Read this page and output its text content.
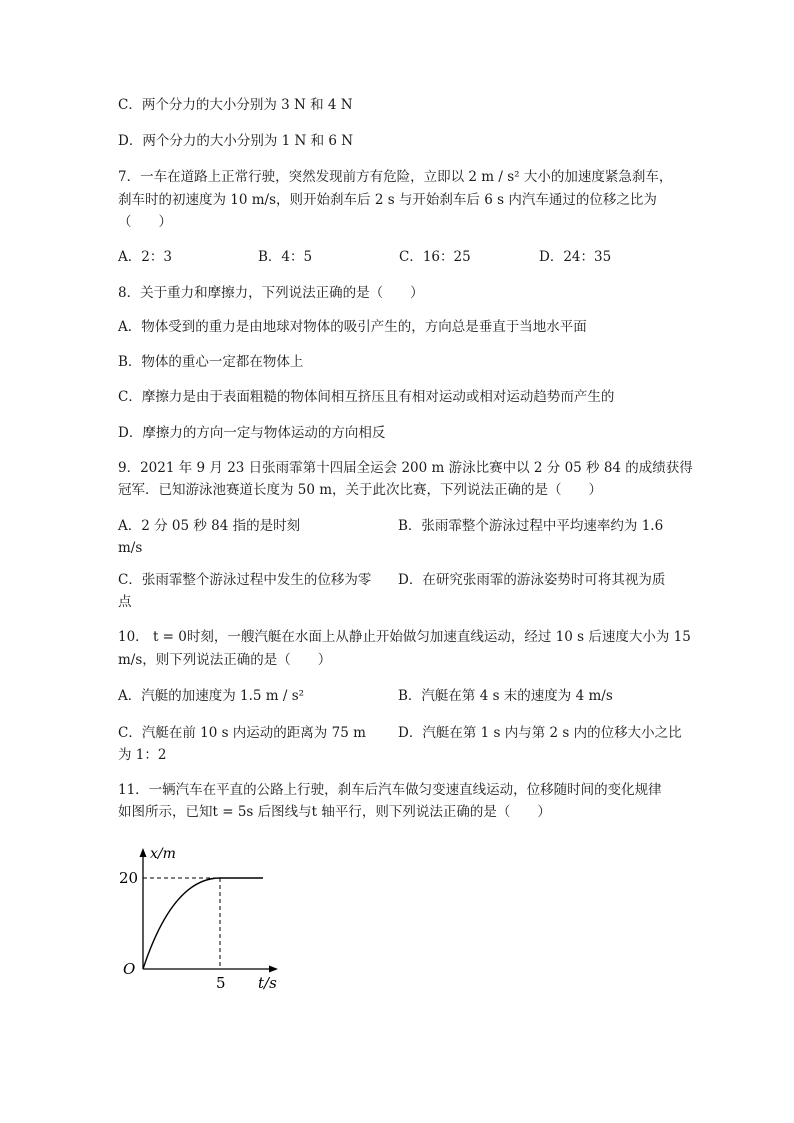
C．两个分力的大小分别为 3 N 和 4 N
D．两个分力的大小分别为 1 N 和 6 N
7．一车在道路上正常行驶，突然发现前方有危险，立即以 2 m / s² 大小的加速度紧急刹车，
刹车时的初速度为 10 m/s，则开始刹车后 2 s 与开始刹车后 6 s 内汽车通过的位移之比为
（　　）
A．2：3	B．4：5	C．16：25	D．24：35
8．关于重力和摩擦力，下列说法正确的是（　　）
A．物体受到的重力是由地球对物体的吸引产生的，方向总是垂直于当地水平面
B．物体的重心一定都在物体上
C．摩擦力是由于表面粗糙的物体间相互挤压且有相对运动或相对运动趋势而产生的
D．摩擦力的方向一定与物体运动的方向相反
9．2021 年 9 月 23 日张雨霏第十四届全运会 200 m 游泳比赛中以 2 分 05 秒 84 的成绩获得
冠军．已知游泳池赛道长度为 50 m，关于此次比赛，下列说法正确的是（　　）
A．2 分 05 秒 84 指的是时刻	B．张雨霏整个游泳过程中平均速率约为 1.6
m/s
C．张雨霏整个游泳过程中发生的位移为零 D．在研究张雨霏的游泳姿势时可将其视为质
点
10． t = 0时刻，一艘汽艇在水面上从静止开始做匀加速直线运动，经过 10 s 后速度大小为 15
m/s，则下列说法正确的是（　　）
A．汽艇的加速度为 1.5 m / s²	B．汽艇在第 4 s 末的速度为 4 m/s
C．汽艇在前 10 s 内运动的距离为 75 m D．汽艇在第 1 s 内与第 2 s 内的位移大小之比
为 1：2
11．一辆汽车在平直的公路上行驶，刹车后汽车做匀变速直线运动，位移随时间的变化规律
如图所示，已知t = 5s 后图线与t 轴平行，则下列说法正确的是（　　）
x/m
20
O
5 t/s
